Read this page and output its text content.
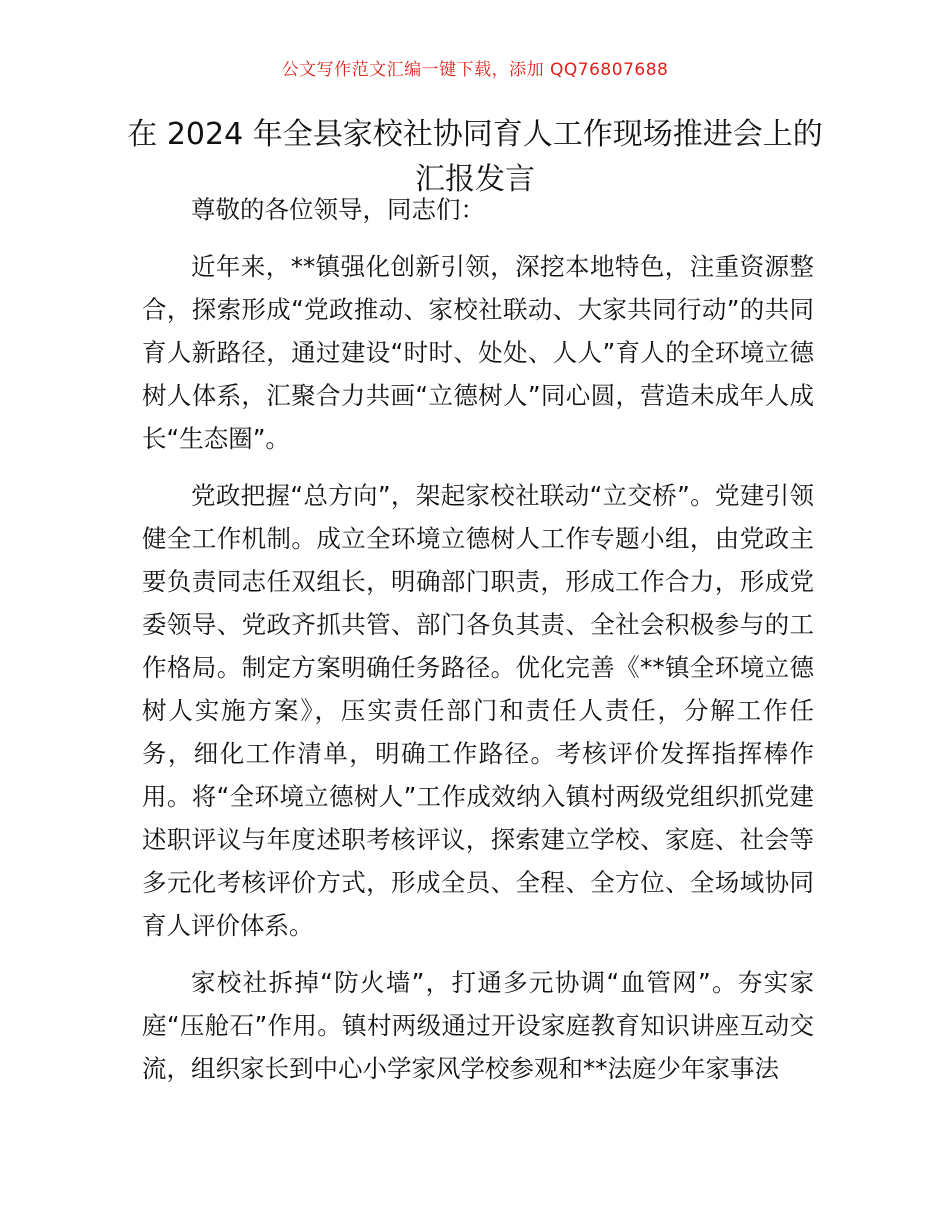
公文写作范文汇编一键下载，添加 QQ76807688
在 2024 年全县家校社协同育人工作现场推进会上的汇报发言

尊敬的各位领导，同志们：

近年来，**镇强化创新引领，深挖本地特色，注重资源整合，探索形成“党政推动、家校社联动、大家共同行动”的共同育人新路径，通过建设“时时、处处、人人”育人的全环境立德树人体系，汇聚合力共画“立德树人”同心圆，营造未成年人成长“生态圈”。

党政把握“总方向”，架起家校社联动“立交桥”。党建引领健全工作机制。成立全环境立德树人工作专题小组，由党政主要负责同志任双组长，明确部门职责，形成工作合力，形成党委领导、党政齐抓共管、部门各负其责、全社会积极参与的工作格局。制定方案明确任务路径。优化完善《**镇全环境立德树人实施方案》，压实责任部门和责任人责任，分解工作任务，细化工作清单，明确工作路径。考核评价发挥指挥棒作用。将“全环境立德树人”工作成效纳入镇村两级党组织抓党建述职评议与年度述职考核评议，探索建立学校、家庭、社会等多元化考核评价方式，形成全员、全程、全方位、全场域协同育人评价体系。

家校社拆掉“防火墙”，打通多元协调“血管网”。夯实家庭“压舱石”作用。镇村两级通过开设家庭教育知识讲座互动交流，组织家长到中心小学家风学校参观和**法庭少年家事法
